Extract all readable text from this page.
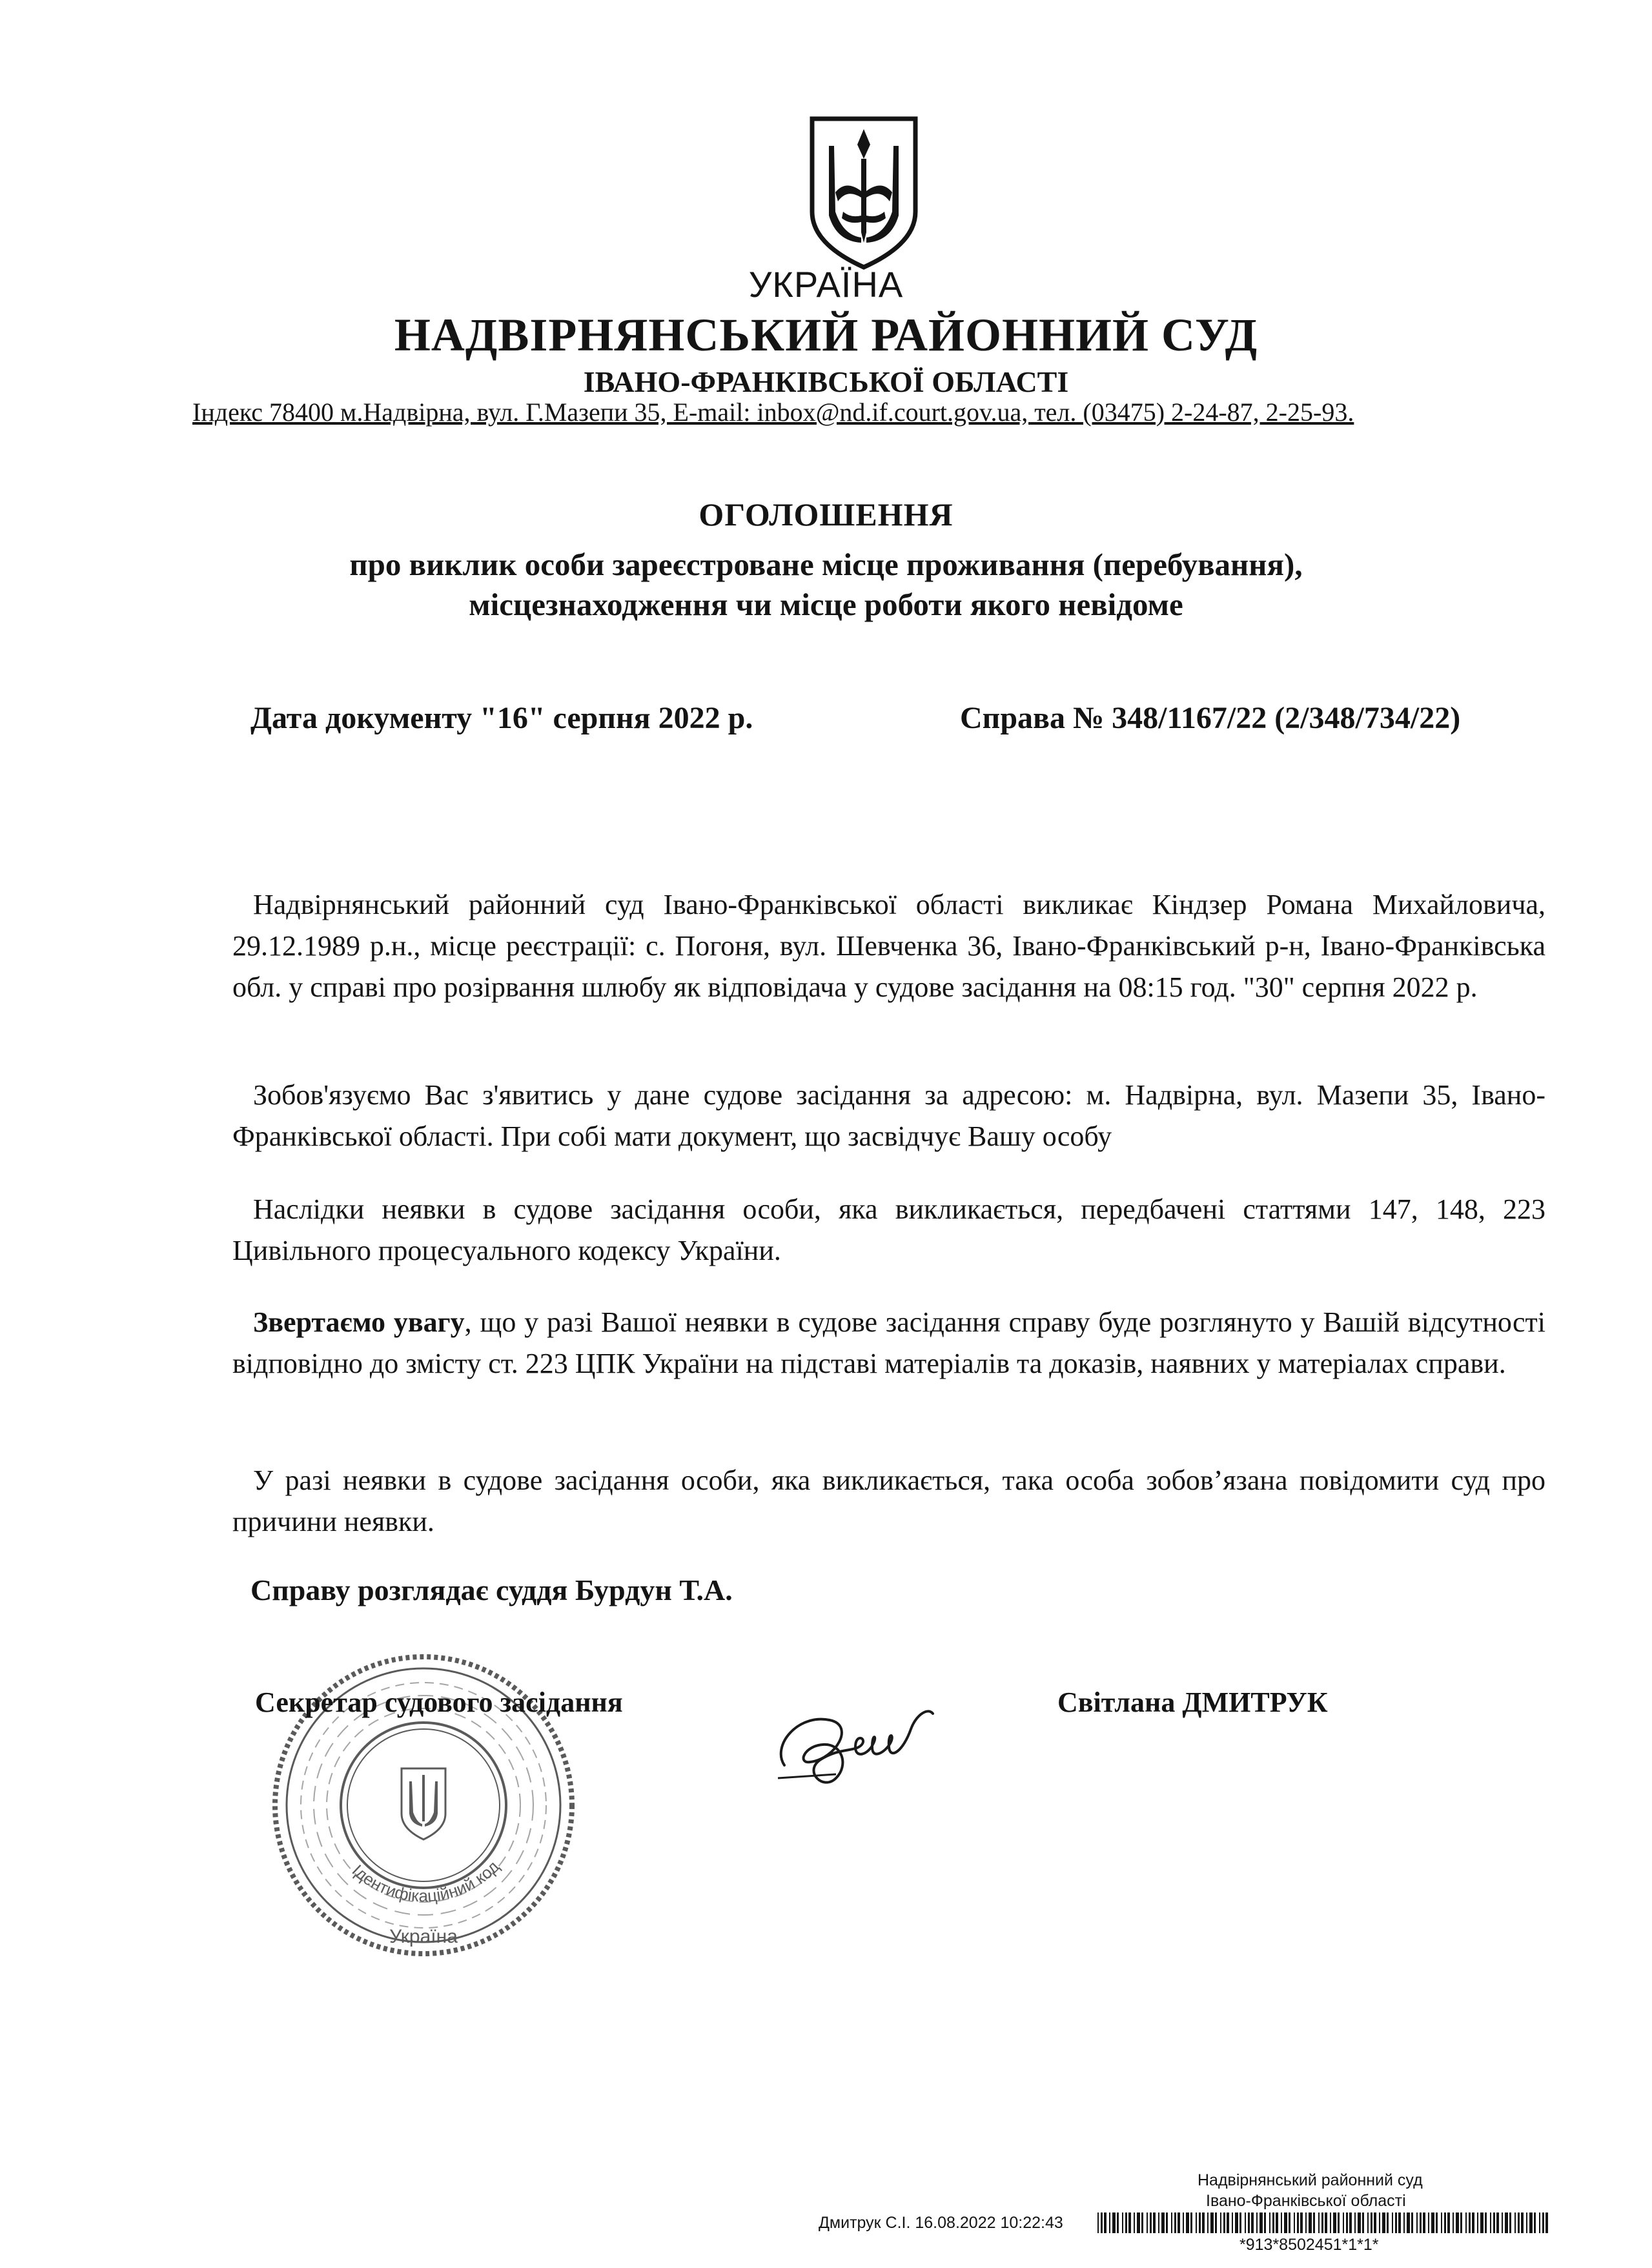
УКРАЇНА
НАДВІРНЯНСЬКИЙ РАЙОННИЙ СУД
ІВАНО-ФРАНКІВСЬКОЇ ОБЛАСТІ
Індекс 78400 м.Надвірна, вул. Г.Мазепи 35, E-mail: inbox@nd.if.court.gov.ua, тел. (03475) 2-24-87, 2-25-93.
ОГОЛОШЕННЯ
про виклик особи зареєстроване місце проживання (перебування),
місцезнаходження чи місце роботи якого невідоме
Дата документу "16" серпня 2022 р.	Справа № 348/1167/22 (2/348/734/22)
Надвірнянський районний суд Івано-Франківської області викликає Кіндзер Романа Михайловича, 29.12.1989 р.н., місце реєстрації: с. Погоня, вул. Шевченка 36, Івано-Франківський р-н, Івано-Франківська обл. у справі про розірвання шлюбу як відповідача у судове засідання на 08:15 год. "30" серпня 2022 р.
Зобов'язуємо Вас з'явитись у дане судове засідання за адресою: м. Надвірна, вул. Мазепи 35, Івано-Франківської області. При собі мати документ, що засвідчує Вашу особу
Наслідки неявки в судове засідання особи, яка викликається, передбачені статтями 147, 148, 223 Цивільного процесуального кодексу України.
Звертаємо увагу, що у разі Вашої неявки в судове засідання справу буде розглянуто у Вашій відсутності відповідно до змісту ст. 223 ЦПК України на підставі матеріалів та доказів, наявних у матеріалах справи.
У разі неявки в судове засідання особи, яка викликається, така особа зобов’язана повідомити суд про причини неявки.
Справу розглядає суддя Бурдун Т.А.
Ідентифікаційний код
Україна
Секретар судового засідання	Світлана ДМИТРУК
Надвірнянський районний суд
Івано-Франківської області
Дмитрук С.І. 16.08.2022 10:22:43
*913*8502451*1*1*
